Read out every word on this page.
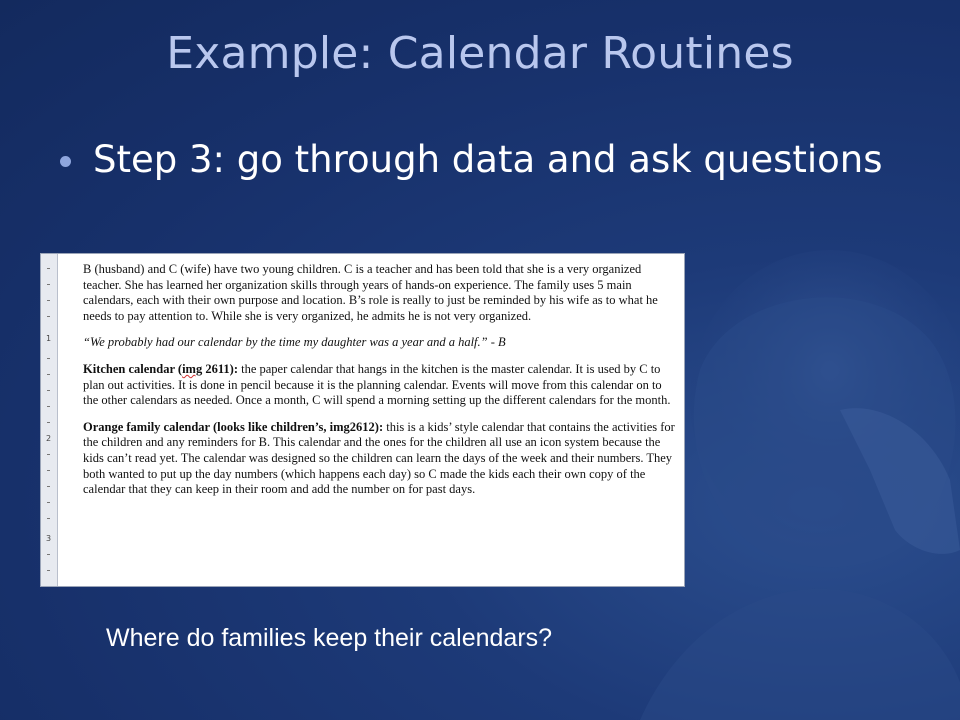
Example: Calendar Routines
Step 3: go through data and ask questions
1
2
3

B (husband) and C (wife) have two young children. C is a teacher and has been told that she is a very organized teacher. She has learned her organization skills through years of hands-on experience. The family uses 5 main calendars, each with their own purpose and location. B’s role is really to just be reminded by his wife as to what he needs to pay attention to. While she is very organized, he admits he is not very organized.

“We probably had our calendar by the time my daughter was a year and a half.” - B

Kitchen calendar (img 2611): the paper calendar that hangs in the kitchen is the master calendar. It is used by C to plan out activities. It is done in pencil because it is the planning calendar. Events will move from this calendar on to the other calendars as needed. Once a month, C will spend a morning setting up the different calendars for the month.

Orange family calendar (looks like children’s, img2612): this is a kids’ style calendar that contains the activities for the children and any reminders for B. This calendar and the ones for the children all use an icon system because the kids can’t read yet. The calendar was designed so the children can learn the days of the week and their numbers. They both wanted to put up the day numbers (which happens each day) so C made the kids each their own copy of the calendar that they can keep in their room and add the number on for past days.

Where do families keep their calendars?
